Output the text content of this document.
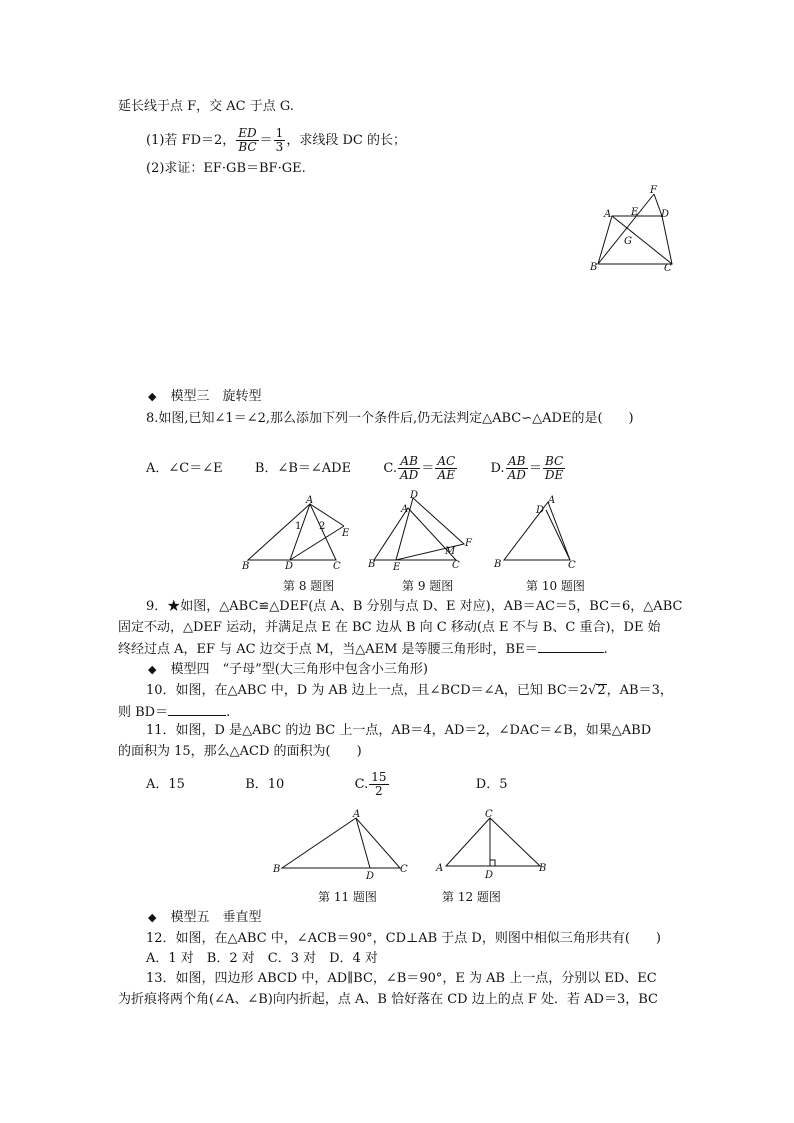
延长线于点 F，交 AC 于点 G.
(1)若 FD＝2， $\frac{ED}{BC} = \frac{1}{3}$ ，求线段 DC 的长；
(2)求证：EF·GB＝BF·GE.
F
A E D
G
B	C
◆ 模型三　旋转型
8.如图,已知∠1＝∠2,那么添加下列一个条件后,仍无法判定△ABC∽△ADE的是(　　)
A．∠C＝∠E B．∠B＝∠ADE C. $\frac{AB}{AD} = \frac{AC}{AE}$	D. $\frac{AB}{AD} = \frac{BC}{DE}$
A
1 2
E
B	D	C
第 8 题图
D
A
F
M
B E	C
第 9 题图
A
D
B	C
第 10 题图
9．★如图，△ABC≌△DEF(点 A、B 分别与点 D、E 对应)，AB＝AC＝5，BC＝6，△ABC
固定不动，△DEF 运动，并满足点 E 在 BC 边从 B 向 C 移动(点 E 不与 B、C 重合)，DE 始
终经过点 A，EF 与 AC 边交于点 M，当△AEM 是等腰三角形时，BE＝	.
◆ 模型四　“子母”型(大三角形中包含小三角形)
10．如图，在△ABC 中，D 为 AB 边上一点，且∠BCD＝∠A，已知 BC＝2√2，AB＝3，
则 BD＝	.
11．如图，D 是△ABC 的边 BC 上一点，AB＝4，AD＝2，∠DAC＝∠B，如果△ABD
的面积为 15，那么△ACD 的面积为(　　)
A．15	B．10	C. $\frac{15}{2}$	D．5
A
B
D
C
第 11 题图
C
A
D
B
第 12 题图
◆ 模型五　垂直型
12．如图，在△ABC 中，∠ACB＝90°，CD⊥AB 于点 D，则图中相似三角形共有(　　)
A．1 对　B．2 对　C．3 对　D．4 对
13．如图，四边形 ABCD 中，AD∥BC，∠B＝90°，E 为 AB 上一点，分别以 ED、EC
为折痕将两个角(∠A、∠B)向内折起，点 A、B 恰好落在 CD 边上的点 F 处．若 AD＝3，BC
